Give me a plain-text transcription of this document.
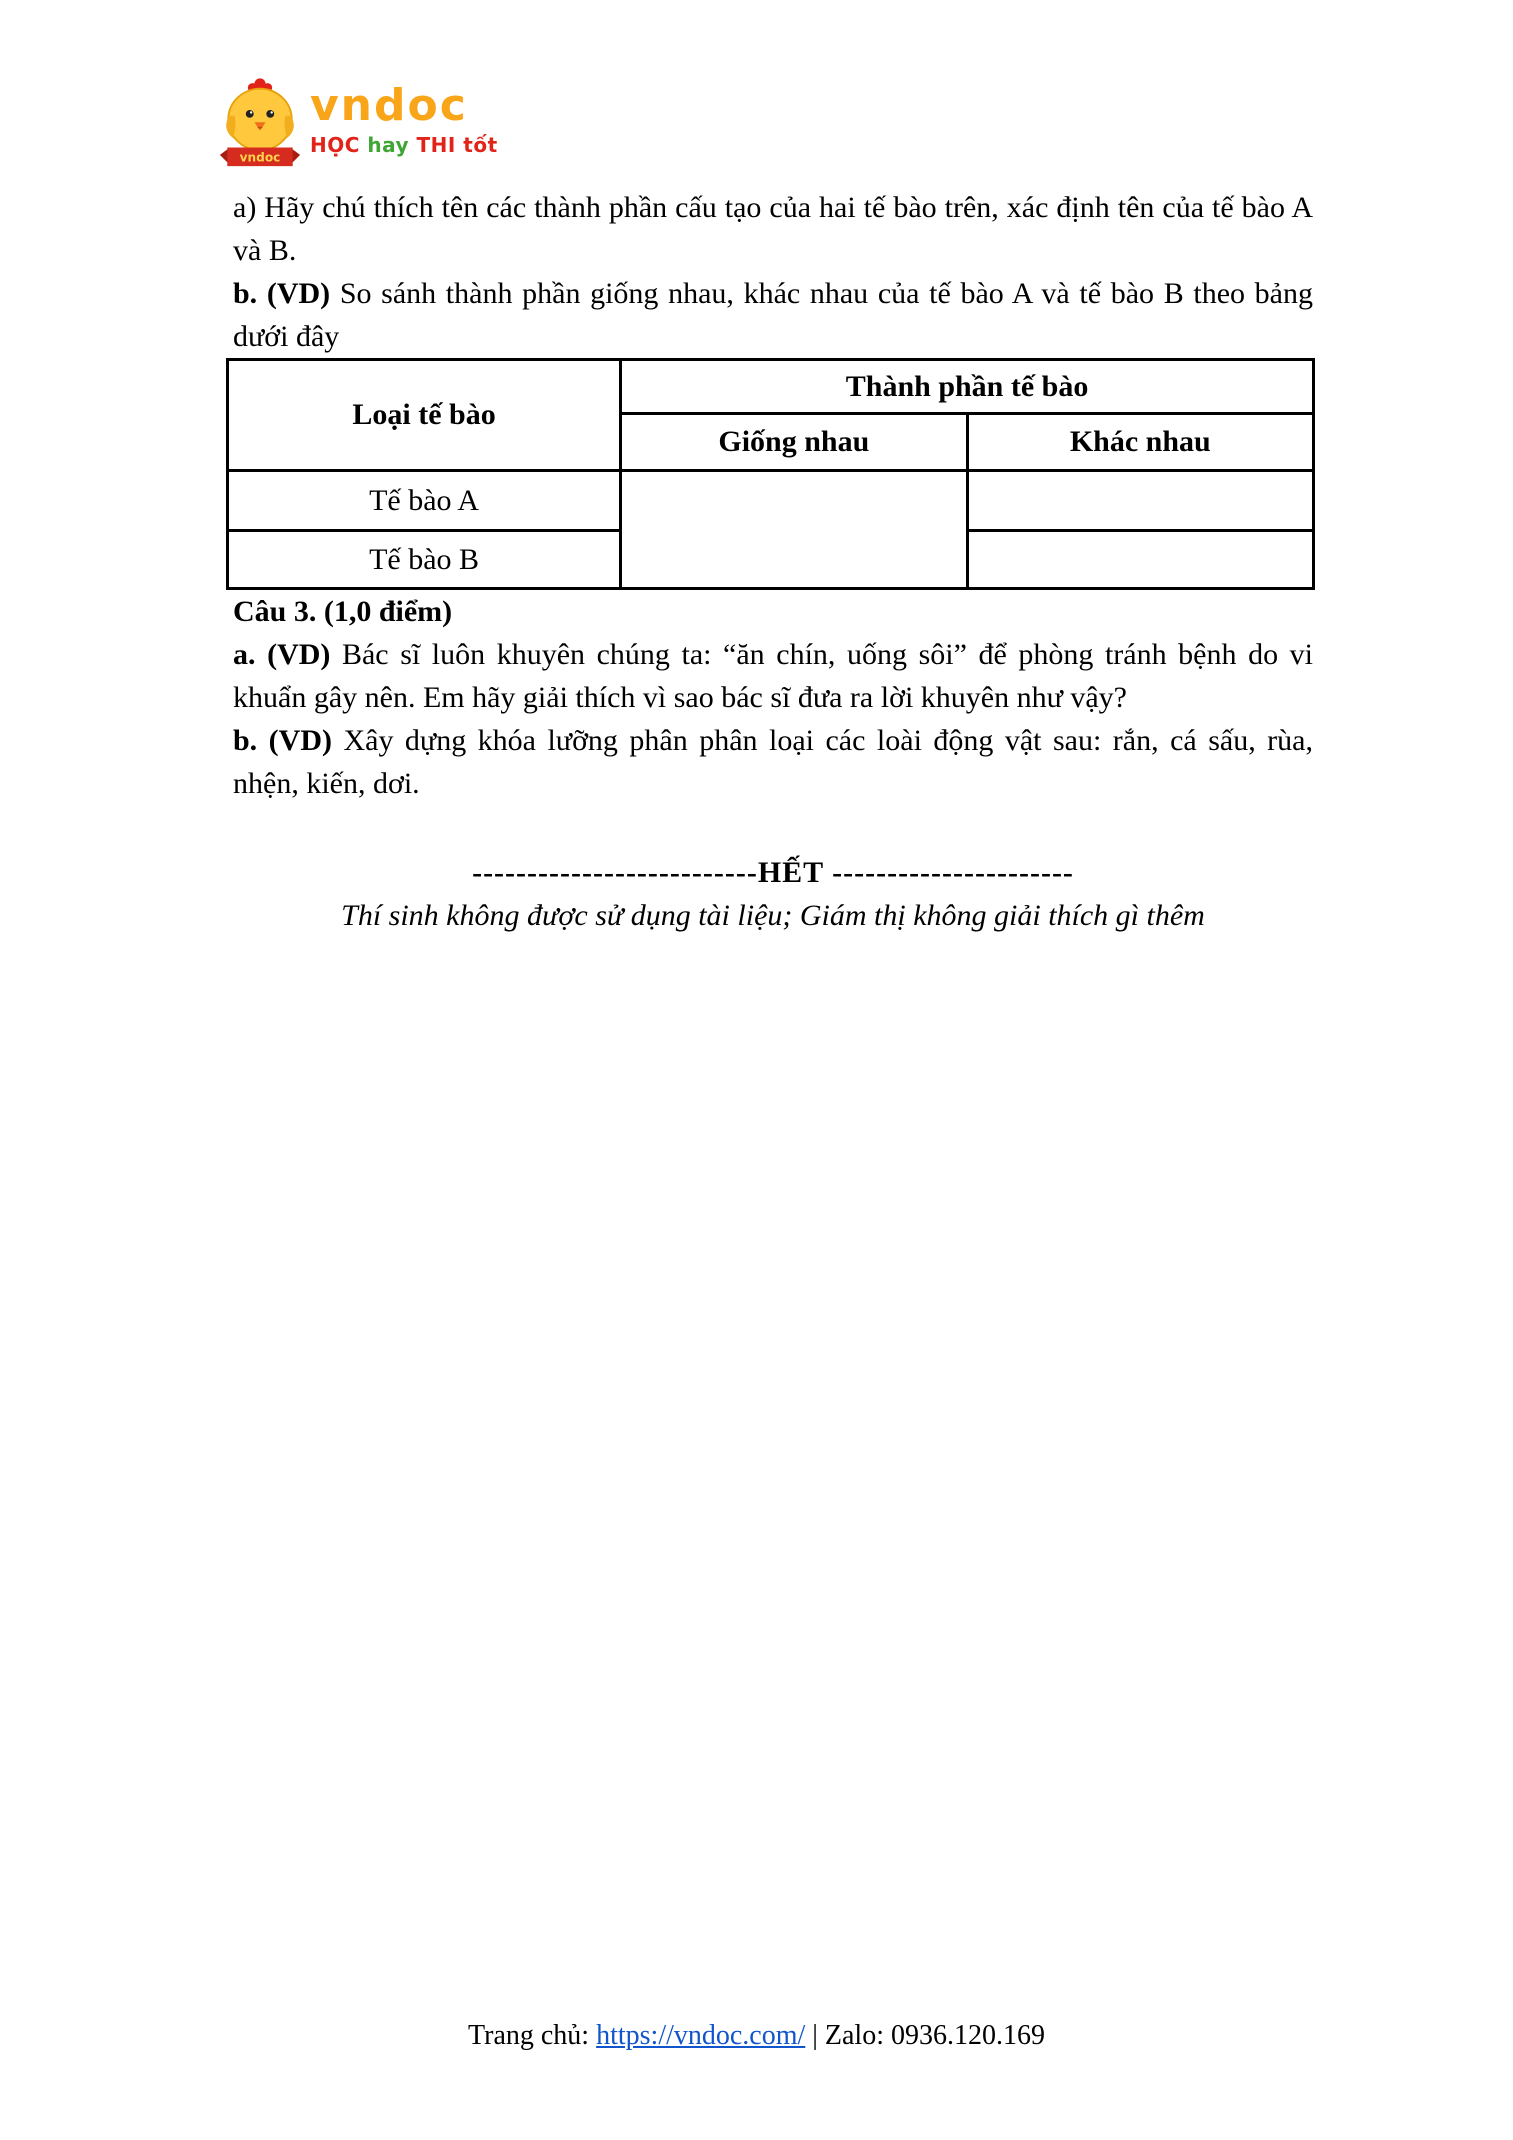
vndoc
vndoc
HỌC hay THI tốt

a) Hãy chú thích tên các thành phần cấu tạo của hai tế bào trên, xác định tên của tế bào A và B.

b. (VD) So sánh thành phần giống nhau, khác nhau của tế bào A và tế bào B theo bảng dưới đây

Loại tế bào	Thành phần tế bào	
	Giống nhau	Khác nhau
Tế bào A		
Tế bào B		

Câu 3. (1,0 điểm)

a. (VD) Bác sĩ luôn khuyên chúng ta: “ăn chín, uống sôi” để phòng tránh bệnh do vi khuẩn gây nên. Em hãy giải thích vì sao bác sĩ đưa ra lời khuyên như vậy?

b. (VD) Xây dựng khóa lưỡng phân phân loại các loài động vật sau: rắn, cá sấu, rùa, nhện, kiến, dơi.

--------------------------HẾT ----------------------

Thí sinh không được sử dụng tài liệu; Giám thị không giải thích gì thêm

Trang chủ: https://vndoc.com/ | Zalo: 0936.120.169
